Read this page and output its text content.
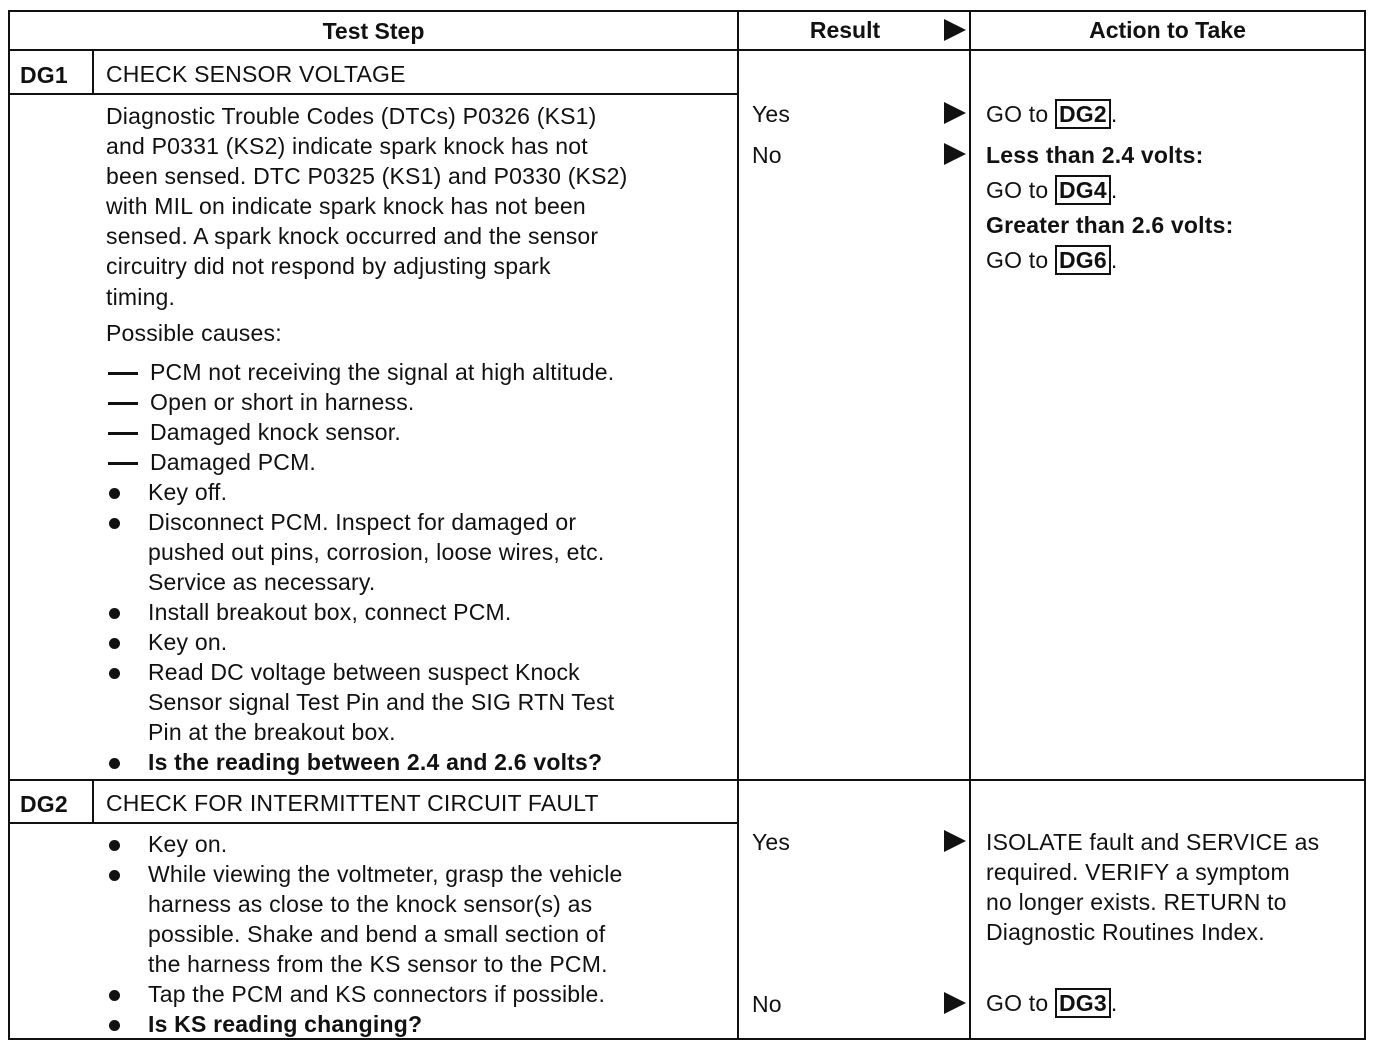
Test Step	Result	Action to Take
DG1 CHECK SENSOR VOLTAGE
Diagnostic Trouble Codes (DTCs) P0326 (KS1)
and P0331 (KS2) indicate spark knock has not
been sensed. DTC P0325 (KS1) and P0330 (KS2)
with MIL on indicate spark knock has not been
sensed. A spark knock occurred and the sensor
circuitry did not respond by adjusting spark
timing.
Possible causes:
PCM not receiving the signal at high altitude.
Open or short in harness.
Damaged knock sensor.
Damaged PCM.
Key off.
Disconnect PCM. Inspect for damaged or
pushed out pins, corrosion, loose wires, etc.
Service as necessary.
Install breakout box, connect PCM.
Key on.
Read DC voltage between suspect Knock
Sensor signal Test Pin and the SIG RTN Test
Pin at the breakout box.
Is the reading between 2.4 and 2.6 volts?
Yes	GO to DG2 .
No	Less than 2.4 volts:
GO to DG4 .
Greater than 2.6 volts:
GO to DG6 .
DG2 CHECK FOR INTERMITTENT CIRCUIT FAULT
Key on.
While viewing the voltmeter, grasp the vehicle
harness as close to the knock sensor(s) as
possible. Shake and bend a small section of
the harness from the KS sensor to the PCM.
Tap the PCM and KS connectors if possible.
Is KS reading changing?
Yes	ISOLATE fault and SERVICE as
required. VERIFY a symptom
no longer exists. RETURN to
Diagnostic Routines Index.
No	GO to DG3 .
